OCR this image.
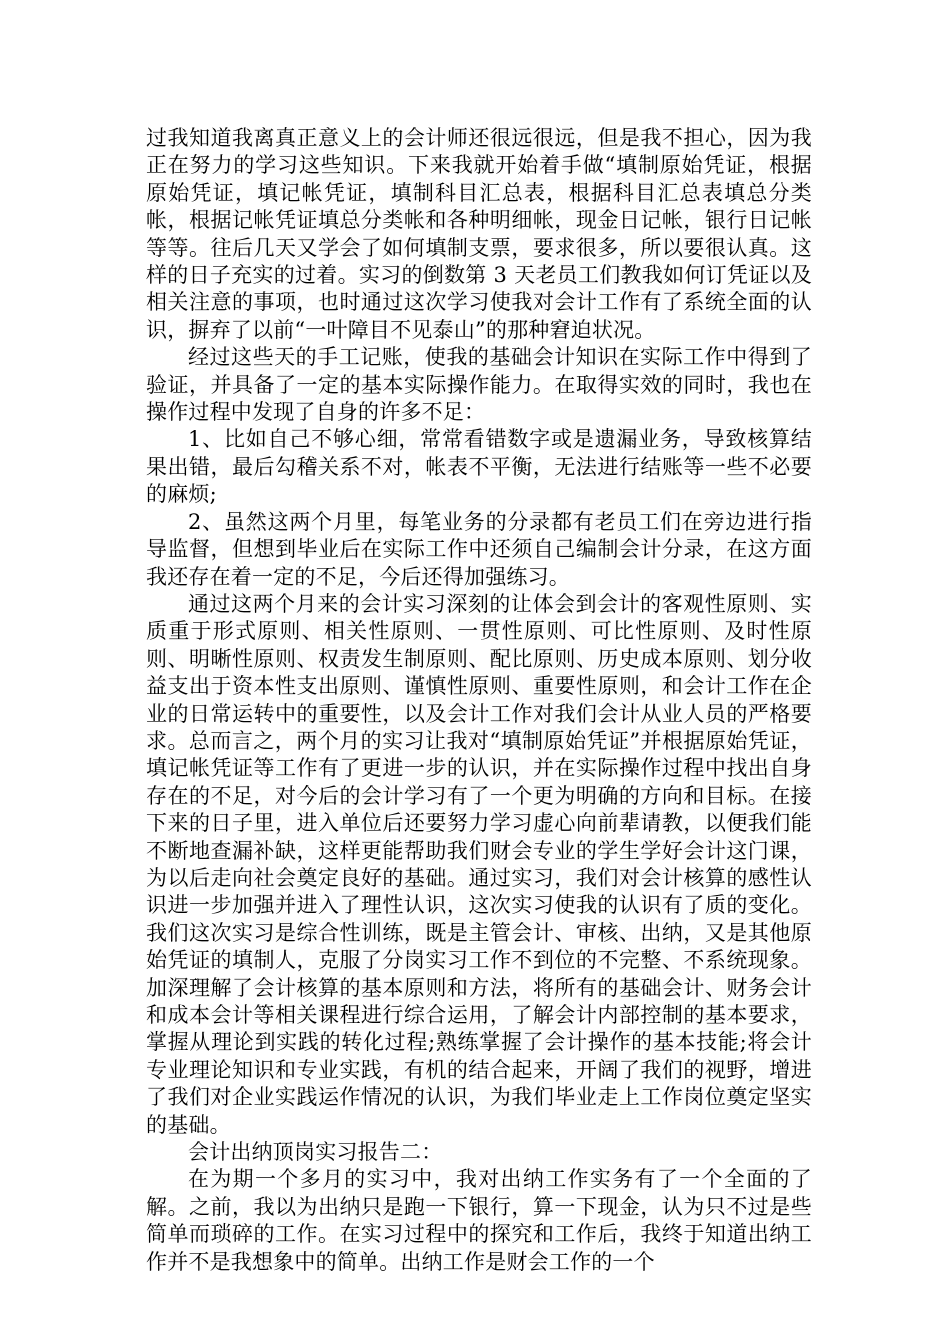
过我知道我离真正意义上的会计师还很远很远，但是我不担心，因为我正在努力的学习这些知识。下来我就开始着手做“填制原始凭证，根据原始凭证，填记帐凭证，填制科目汇总表，根据科目汇总表填总分类帐，根据记帐凭证填总分类帐和各种明细帐，现金日记帐，银行日记帐等等。往后几天又学会了如何填制支票，要求很多，所以要很认真。这样的日子充实的过着。实习的倒数第 3 天老员工们教我如何订凭证以及相关注意的事项，也时通过这次学习使我对会计工作有了系统全面的认识，摒弃了以前“一叶障目不见泰山”的那种窘迫状况。

经过这些天的手工记账，使我的基础会计知识在实际工作中得到了验证，并具备了一定的基本实际操作能力。在取得实效的同时，我也在操作过程中发现了自身的许多不足：

1、比如自己不够心细，常常看错数字或是遗漏业务，导致核算结果出错，最后勾稽关系不对，帐表不平衡，无法进行结账等一些不必要的麻烦;

2、虽然这两个月里，每笔业务的分录都有老员工们在旁边进行指导监督，但想到毕业后在实际工作中还须自己编制会计分录，在这方面我还存在着一定的不足，今后还得加强练习。

通过这两个月来的会计实习深刻的让体会到会计的客观性原则、实质重于形式原则、相关性原则、一贯性原则、可比性原则、及时性原则、明晰性原则、权责发生制原则、配比原则、历史成本原则、划分收益支出于资本性支出原则、谨慎性原则、重要性原则，和会计工作在企业的日常运转中的重要性，以及会计工作对我们会计从业人员的严格要求。总而言之，两个月的实习让我对“填制原始凭证”并根据原始凭证，填记帐凭证等工作有了更进一步的认识，并在实际操作过程中找出自身存在的不足，对今后的会计学习有了一个更为明确的方向和目标。在接下来的日子里，进入单位后还要努力学习虚心向前辈请教，以便我们能不断地查漏补缺，这样更能帮助我们财会专业的学生学好会计这门课，为以后走向社会奠定良好的基础。通过实习，我们对会计核算的感性认识进一步加强并进入了理性认识，这次实习使我的认识有了质的变化。我们这次实习是综合性训练，既是主管会计、审核、出纳，又是其他原始凭证的填制人，克服了分岗实习工作不到位的不完整、不系统现象。加深理解了会计核算的基本原则和方法，将所有的基础会计、财务会计和成本会计等相关课程进行综合运用，了解会计内部控制的基本要求，掌握从理论到实践的转化过程;熟练掌握了会计操作的基本技能;将会计专业理论知识和专业实践，有机的结合起来，开阔了我们的视野，增进了我们对企业实践运作情况的认识，为我们毕业走上工作岗位奠定坚实的基础。

会计出纳顶岗实习报告二：

在为期一个多月的实习中，我对出纳工作实务有了一个全面的了解。之前，我以为出纳只是跑一下银行，算一下现金，认为只不过是些简单而琐碎的工作。在实习过程中的探究和工作后，我终于知道出纳工作并不是我想象中的简单。出纳工作是财会工作的一个
